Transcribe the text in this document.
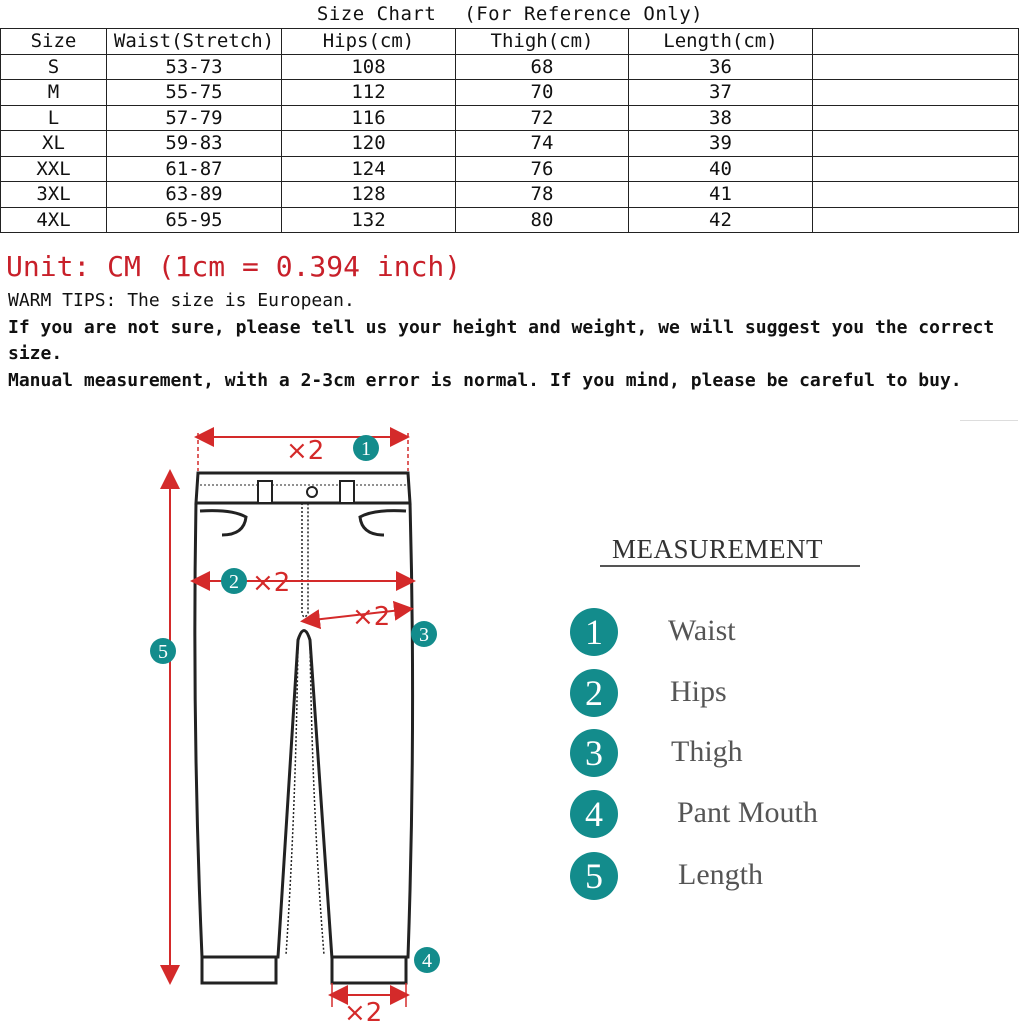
Size Chart (For Reference Only)
Size	Waist(Stretch)	Hips(cm)	Thigh(cm)	Length(cm)	
S	53-73	108	68	36	
M	55-75	112	70	37	
L	57-79	116	72	38	
XL	59-83	120	74	39	
XXL	61-87	124	76	40	
3XL	63-89	128	78	41	
4XL	65-95	132	80	42	
Unit: CM (1cm = 0.394 inch)
WARM TIPS: The size is European.
If you are not sure, please tell us your height and weight, we will suggest you the correct size.
Manual measurement, with a 2-3cm error is normal. If you mind, please be careful to buy.
×2
×2
×2
×2
1
2
3
4
5
MEASUREMENT
1	Waist
2	Hips
3	Thigh
4	Pant Mouth
5	Length
